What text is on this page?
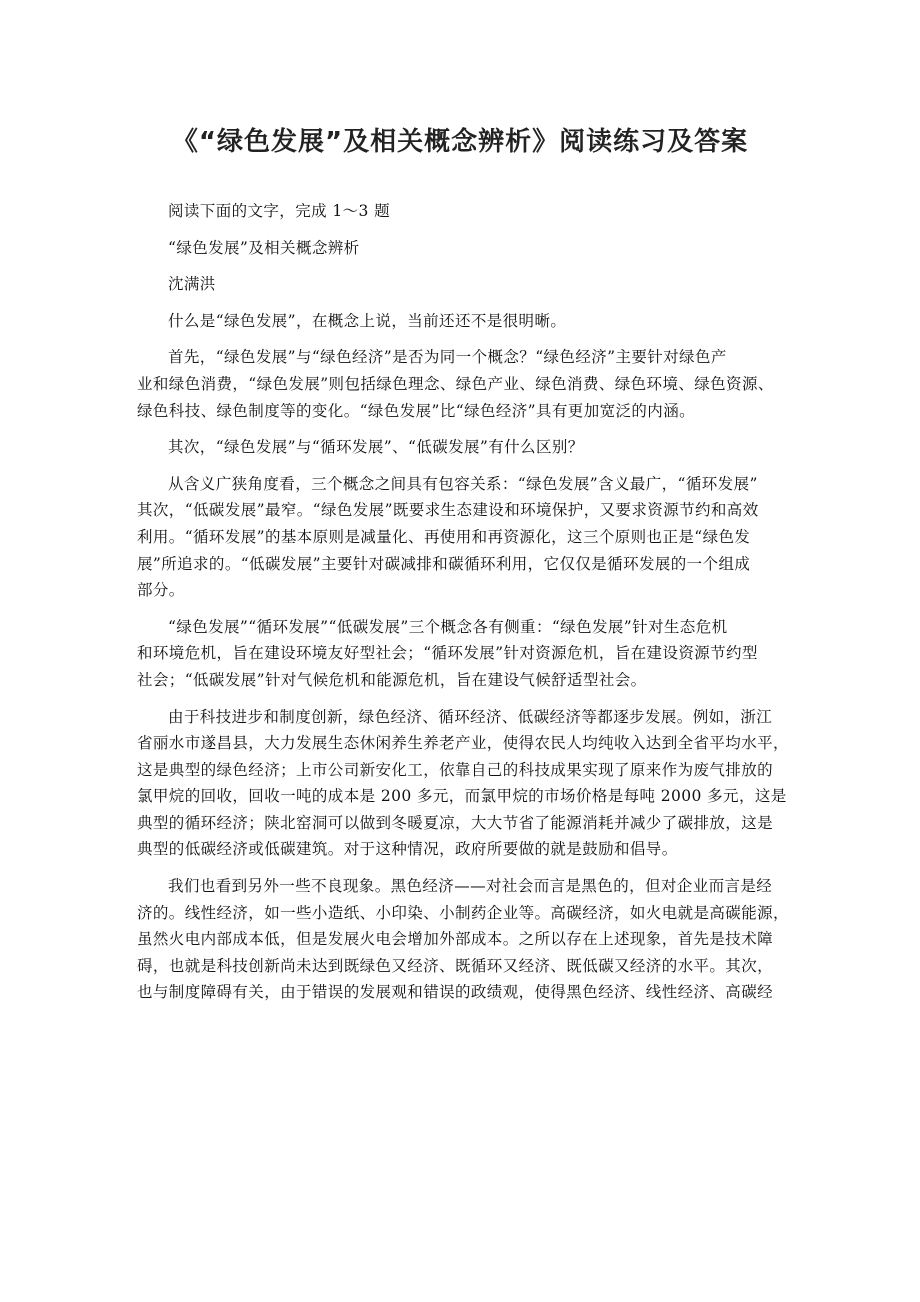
《“绿色发展”及相关概念辨析》阅读练习及答案
阅读下面的文字，完成 1～3 题
“绿色发展”及相关概念辨析
沈满洪
什么是“绿色发展”，在概念上说，当前还还不是很明晰。
首先，“绿色发展”与“绿色经济”是否为同一个概念？“绿色经济”主要针对绿色产
业和绿色消费，“绿色发展”则包括绿色理念、绿色产业、绿色消费、绿色环境、绿色资源、
绿色科技、绿色制度等的变化。“绿色发展”比“绿色经济”具有更加宽泛的内涵。
其次，“绿色发展”与“循环发展”、“低碳发展”有什么区别？
从含义广狭角度看，三个概念之间具有包容关系：“绿色发展”含义最广，“循环发展”
其次，“低碳发展”最窄。“绿色发展”既要求生态建设和环境保护，又要求资源节约和高效
利用。“循环发展”的基本原则是减量化、再使用和再资源化，这三个原则也正是“绿色发
展”所追求的。“低碳发展”主要针对碳减排和碳循环利用，它仅仅是循环发展的一个组成
部分。
“绿色发展”“循环发展”“低碳发展”三个概念各有侧重：“绿色发展”针对生态危机
和环境危机，旨在建设环境友好型社会；“循环发展”针对资源危机，旨在建设资源节约型
社会；“低碳发展”针对气候危机和能源危机，旨在建设气候舒适型社会。
由于科技进步和制度创新，绿色经济、循环经济、低碳经济等都逐步发展。例如，浙江
省丽水市遂昌县，大力发展生态休闲养生养老产业，使得农民人均纯收入达到全省平均水平，
这是典型的绿色经济；上市公司新安化工，依靠自己的科技成果实现了原来作为废气排放的
氯甲烷的回收，回收一吨的成本是 200 多元，而氯甲烷的市场价格是每吨 2000 多元，这是
典型的循环经济；陕北窑洞可以做到冬暖夏凉，大大节省了能源消耗并减少了碳排放，这是
典型的低碳经济或低碳建筑。对于这种情况，政府所要做的就是鼓励和倡导。
我们也看到另外一些不良现象。黑色经济——对社会而言是黑色的，但对企业而言是经
济的。线性经济，如一些小造纸、小印染、小制药企业等。高碳经济，如火电就是高碳能源，
虽然火电内部成本低，但是发展火电会增加外部成本。之所以存在上述现象，首先是技术障
碍，也就是科技创新尚未达到既绿色又经济、既循环又经济、既低碳又经济的水平。其次，
也与制度障碍有关，由于错误的发展观和错误的政绩观，使得黑色经济、线性经济、高碳经
